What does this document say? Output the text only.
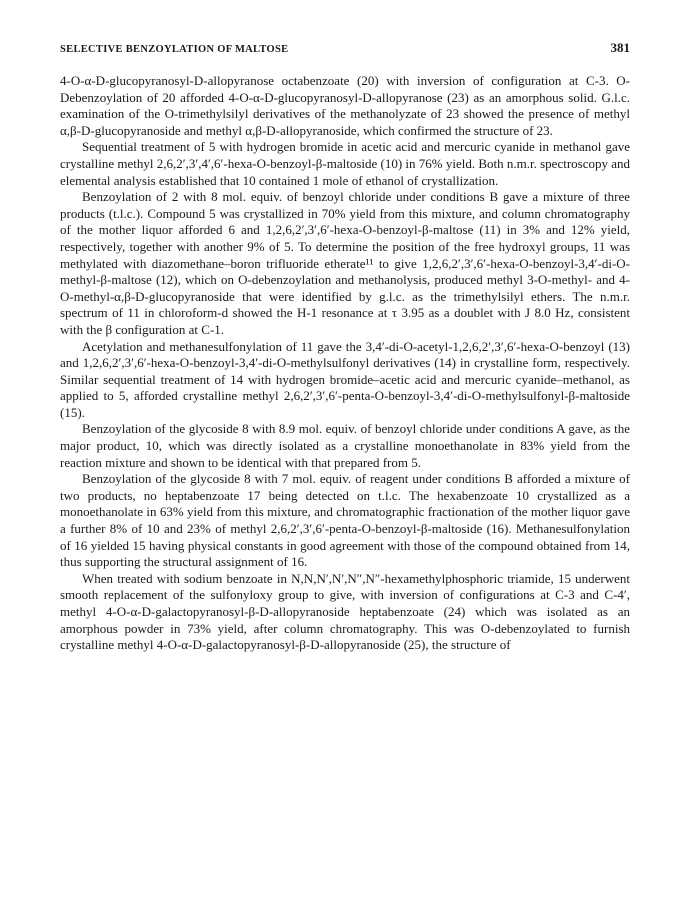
SELECTIVE BENZOYLATION OF MALTOSE	381

4-O-α-D-glucopyranosyl-D-allopyranose octabenzoate (20) with inversion of configuration at C-3. O-Debenzoylation of 20 afforded 4-O-α-D-glucopyranosyl-D-allopyranose (23) as an amorphous solid. G.l.c. examination of the O-trimethylsilyl derivatives of the methanolyzate of 23 showed the presence of methyl α,β-D-glucopyranoside and methyl α,β-D-allopyranoside, which confirmed the structure of 23.

Sequential treatment of 5 with hydrogen bromide in acetic acid and mercuric cyanide in methanol gave crystalline methyl 2,6,2′,3′,4′,6′-hexa-O-benzoyl-β-maltoside (10) in 76% yield. Both n.m.r. spectroscopy and elemental analysis established that 10 contained 1 mole of ethanol of crystallization.

Benzoylation of 2 with 8 mol. equiv. of benzoyl chloride under conditions B gave a mixture of three products (t.l.c.). Compound 5 was crystallized in 70% yield from this mixture, and column chromatography of the mother liquor afforded 6 and 1,2,6,2′,3′,6′-hexa-O-benzoyl-β-maltose (11) in 3% and 12% yield, respectively, together with another 9% of 5. To determine the position of the free hydroxyl groups, 11 was methylated with diazomethane–boron trifluoride etherate¹¹ to give 1,2,6,2′,3′,6′-hexa-O-benzoyl-3,4′-di-O-methyl-β-maltose (12), which on O-debenzoylation and methanolysis, produced methyl 3-O-methyl- and 4-O-methyl-α,β-D-glucopyranoside that were identified by g.l.c. as the trimethylsilyl ethers. The n.m.r. spectrum of 11 in chloroform-d showed the H-1 resonance at τ 3.95 as a doublet with J 8.0 Hz, consistent with the β configuration at C-1.

Acetylation and methanesulfonylation of 11 gave the 3,4′-di-O-acetyl-1,2,6,2′,3′,6′-hexa-O-benzoyl (13) and 1,2,6,2′,3′,6′-hexa-O-benzoyl-3,4′-di-O-methylsulfonyl derivatives (14) in crystalline form, respectively. Similar sequential treatment of 14 with hydrogen bromide–acetic acid and mercuric cyanide–methanol, as applied to 5, afforded crystalline methyl 2,6,2′,3′,6′-penta-O-benzoyl-3,4′-di-O-methylsulfonyl-β-maltoside (15).

Benzoylation of the glycoside 8 with 8.9 mol. equiv. of benzoyl chloride under conditions A gave, as the major product, 10, which was directly isolated as a crystalline monoethanolate in 83% yield from the reaction mixture and shown to be identical with that prepared from 5.

Benzoylation of the glycoside 8 with 7 mol. equiv. of reagent under conditions B afforded a mixture of two products, no heptabenzoate 17 being detected on t.l.c. The hexabenzoate 10 crystallized as a monoethanolate in 63% yield from this mixture, and chromatographic fractionation of the mother liquor gave a further 8% of 10 and 23% of methyl 2,6,2′,3′,6′-penta-O-benzoyl-β-maltoside (16). Methanesulfonylation of 16 yielded 15 having physical constants in good agreement with those of the compound obtained from 14, thus supporting the structural assignment of 16.

When treated with sodium benzoate in N,N,N′,N′,N″,N″-hexamethylphosphoric triamide, 15 underwent smooth replacement of the sulfonyloxy group to give, with inversion of configurations at C-3 and C-4′, methyl 4-O-α-D-galactopyranosyl-β-D-allopyranoside heptabenzoate (24) which was isolated as an amorphous powder in 73% yield, after column chromatography. This was O-debenzoylated to furnish crystalline methyl 4-O-α-D-galactopyranosyl-β-D-allopyranoside (25), the structure of
